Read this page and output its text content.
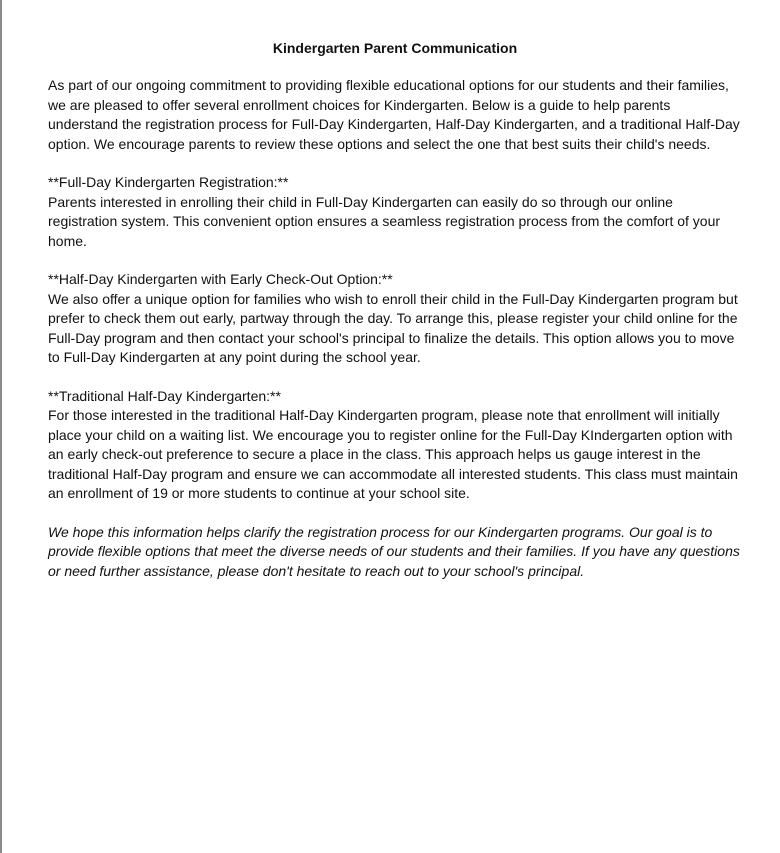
Kindergarten Parent Communication

As part of our ongoing commitment to providing flexible educational options for our students and their families, we are pleased to offer several enrollment choices for Kindergarten. Below is a guide to help parents understand the registration process for Full-Day Kindergarten, Half-Day Kindergarten, and a traditional Half-Day option. We encourage parents to review these options and select the one that best suits their child's needs.

**Full-Day Kindergarten Registration:**

Parents interested in enrolling their child in Full-Day Kindergarten can easily do so through our online registration system. This convenient option ensures a seamless registration process from the comfort of your home.

**Half-Day Kindergarten with Early Check-Out Option:**

We also offer a unique option for families who wish to enroll their child in the Full-Day Kindergarten program but prefer to check them out early, partway through the day. To arrange this, please register your child online for the Full-Day program and then contact your school's principal to finalize the details. This option allows you to move to Full-Day Kindergarten at any point during the school year.

**Traditional Half-Day Kindergarten:**

For those interested in the traditional Half-Day Kindergarten program, please note that enrollment will initially place your child on a waiting list. We encourage you to register online for the Full-Day KIndergarten option with an early check-out preference to secure a place in the class. This approach helps us gauge interest in the traditional Half-Day program and ensure we can accommodate all interested students. This class must maintain an enrollment of 19 or more students to continue at your school site.

We hope this information helps clarify the registration process for our Kindergarten programs. Our goal is to provide flexible options that meet the diverse needs of our students and their families. If you have any questions or need further assistance, please don't hesitate to reach out to your school's principal.
